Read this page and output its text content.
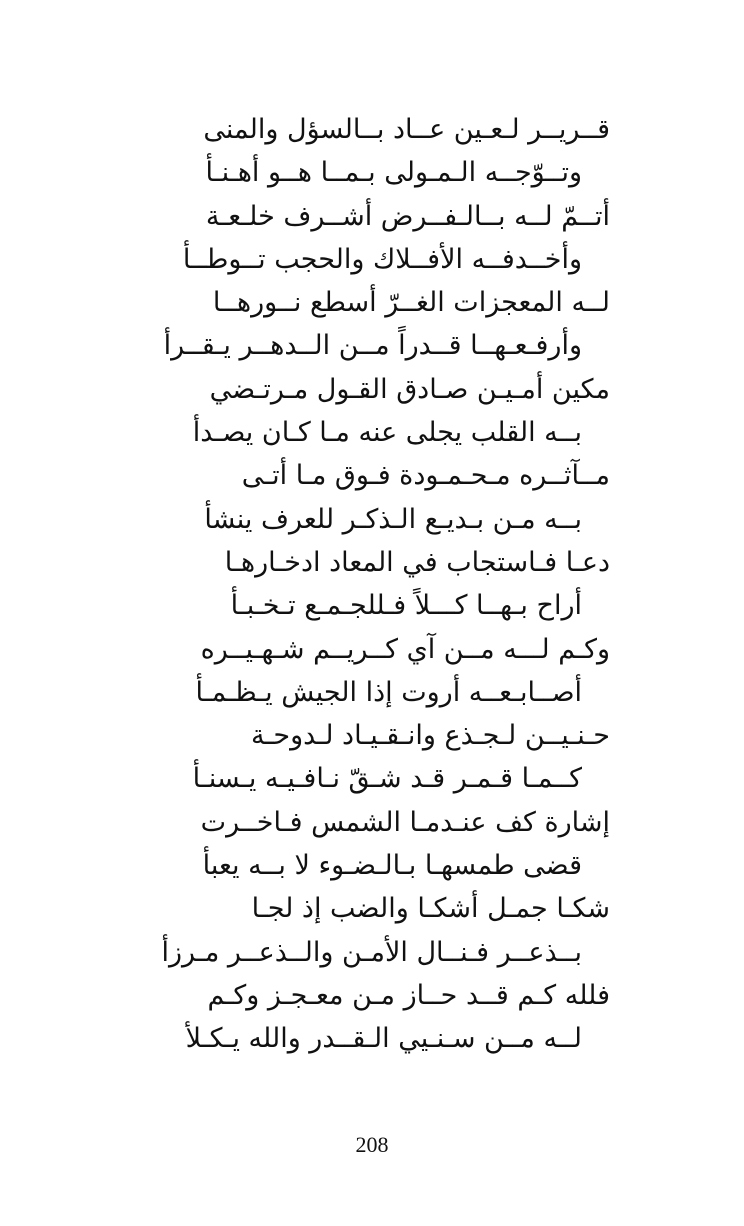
قــريــر لـعـين عــاد بــالسؤل والمنى
وتــوّجــه الـمـولى بـمــا هــو أهـنـأ
أتــمّ لــه بــالـفــرض أشــرف خلـعـة
وأخــدفــه الأفــلاك والحجب تــوطــأ
لــه المعجزات الغــرّ أسطع نــورهــا
وأرفـعـهــا قــدراً مــن الــدهــر يـقــرأ
مكين أمـيـن صـادق القـول مـرتـضي
بــه القلب يجلى عنه مـا كـان يصـدأ
مــآثــره مـحـمـودة فـوق مـا أتـى
بــه مـن بـديـع الـذكـر للعرف ينشأ
دعـا فـاستجاب في المعاد ادخـارهـا
أراح بـهــا كـــلاً فـللجـمـع تـخـبـأ
وكـم لـــه مــن آي كــريــم شـهـيــره
أصــابـعــه أروت إذا الجيش يـظـمـأ
حـنـيــن لـجـذع وانـقـيـاد لـدوحـة
كــمـا قـمـر قـد شـقّ نـافـيـه يـسنـأ
إشارة كف عنـدمـا الشمس فـاخــرت
قضى طمسهـا بـالـضـوء لا بــه يعبأ
شكـا جمـل أشكـا والضب إذ لجـا
بــذعــر فـنــال الأمـن والــذعــر مـرزأ
فلله كـم قــد حــاز مـن معـجـز وكـم
لــه مــن سـنـيي الـقــدر والله يـكـلأ
208
